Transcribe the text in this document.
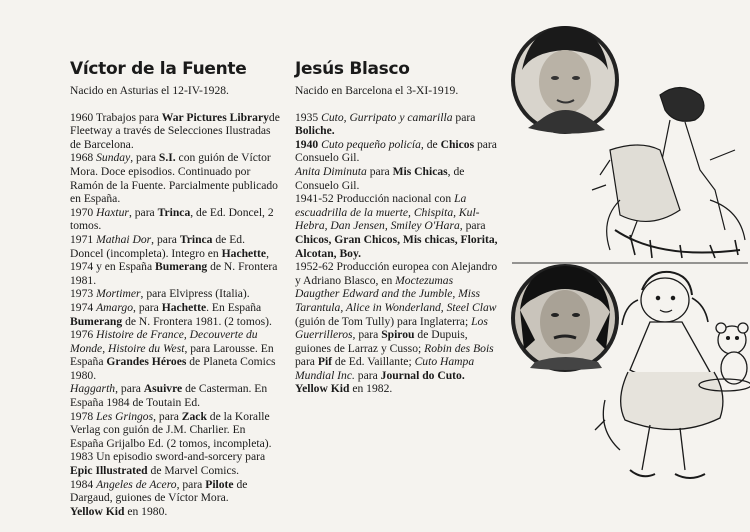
Víctor de la Fuente

Nacido en Asturias el 12-IV-1928.

1960 Trabajos para War Pictures Libraryde Fleetway a través de Selecciones Ilustradas de Barcelona.

1968 Sunday, para S.I. con guión de Víctor Mora. Doce episodios. Continuado por Ramón de la Fuente. Parcialmente publicado en España.

1970 Haxtur, para Trinca, de Ed. Doncel, 2 tomos.

1971 Mathai Dor, para Trinca de Ed. Doncel (incompleta). Integro en Hachette, 1974 y en España Bumerang de N. Frontera 1981.

1973 Mortimer, para Elvipress (Italia).

1974 Amargo, para Hachette. En España Bumerang de N. Frontera 1981. (2 tomos).

1976 Histoire de France, Decouverte du Monde, Histoire du West, para Larousse. En España Grandes Héroes de Planeta Comics 1980.

Haggarth, para Asuivre de Casterman. En España 1984 de Toutain Ed.

1978 Les Gringos, para Zack de la Koralle Verlag con guión de J.M. Charlier. En España Grijalbo Ed. (2 tomos, incompleta).

1983 Un episodio sword-and-sorcery para Epic Illustrated de Marvel Comics.

1984 Angeles de Acero, para Pilote de Dargaud, guiones de Víctor Mora.

Yellow Kid en 1980.

Jesús Blasco

Nacido en Barcelona el 3-XI-1919.

1935 Cuto, Gurripato y camarilla para Boliche.

1940 Cuto pequeño policía, de Chicos para Consuelo Gil.

Anita Diminuta para Mis Chicas, de Consuelo Gil.

1941-52 Producción nacional con La escuadrilla de la muerte, Chispita, Kul-Hebra, Dan Jensen, Smiley O'Hara, para Chicos, Gran Chicos, Mis chicas, Florita, Alcotan, Boy.

1952-62 Producción europea con Alejandro y Adriano Blasco, en Moctezumas Daugther Edward and the Jumble, Miss Tarantula, Alice in Wonderland, Steel Claw (guión de Tom Tully) para Inglaterra; Los Guerrilleros, para Spirou de Dupuis, guiones de Larraz y Cusso; Robin des Bois para Pif de Ed. Vaillante; Cuto Hampa Mundial Inc. para Journal do Cuto.

Yellow Kid en 1982.
